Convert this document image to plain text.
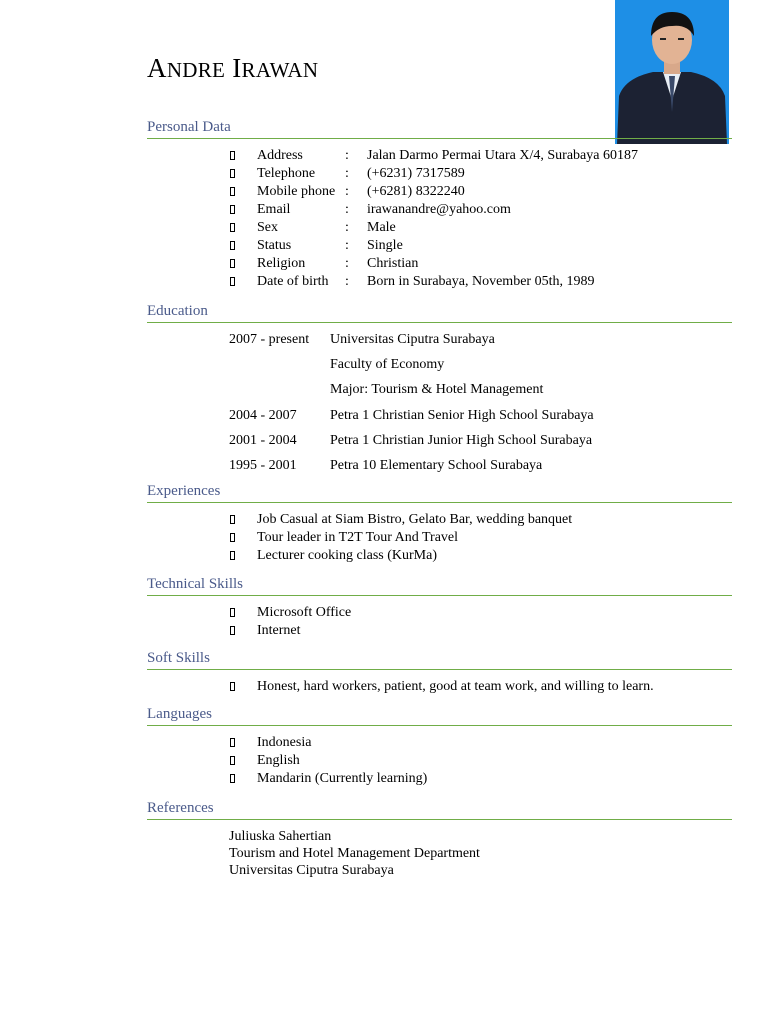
ANDRE IRAWAN
Personal Data
Address	: Jalan Darmo Permai Utara X/4, Surabaya 60187
Telephone : (+6231) 7317589
Mobile phone : (+6281) 8322240
Email	: irawanandre@yahoo.com
Sex	: Male
Status	: Single
Religion	: Christian
Date of birth : Born in Surabaya, November 05th, 1989
Education
2007 - present Universitas Ciputra Surabaya
Faculty of Economy
Major: Tourism & Hotel Management
2004 - 2007 Petra 1 Christian Senior High School Surabaya
2001 - 2004 Petra 1 Christian Junior High School Surabaya
1995 - 2001 Petra 10 Elementary School Surabaya
Experiences
Job Casual at Siam Bistro, Gelato Bar, wedding banquet
Tour leader in T2T Tour And Travel
Lecturer cooking class (KurMa)
Technical Skills
Microsoft Office
Internet
Soft Skills
Honest, hard workers, patient, good at team work, and willing to learn.
Languages
Indonesia
English
Mandarin (Currently learning)
References
Juliuska Sahertian
Tourism and Hotel Management Department
Universitas Ciputra Surabaya
